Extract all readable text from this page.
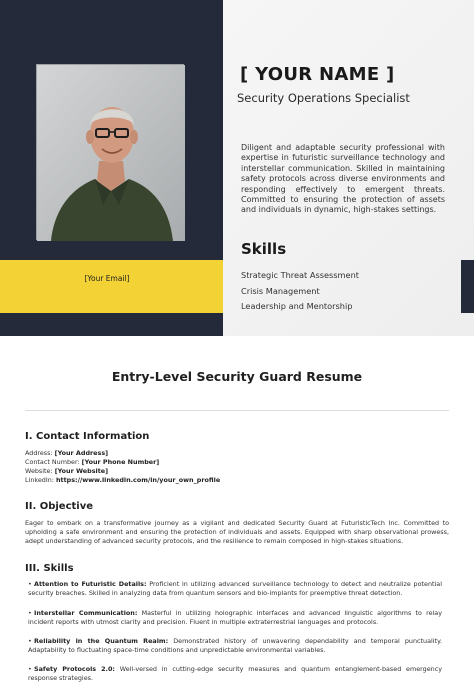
[Your Email]
[ YOUR NAME ]
Security Operations Specialist

Diligent and adaptable security professional with expertise in futuristic surveillance technology and interstellar communication. Skilled in maintaining safety protocols across diverse environments and responding effectively to emergent threats. Committed to ensuring the protection of assets and individuals in dynamic, high-stakes settings.

Skills
Strategic Threat Assessment
Crisis Management
Leadership and Mentorship
Entry-Level Security Guard Resume
I. Contact Information
Address: [Your Address]
Contact Number: [Your Phone Number]
Website: [Your Website]
LinkedIn: https://www.linkedin.com/in/your_own_profile
II. Objective

Eager to embark on a transformative journey as a vigilant and dedicated Security Guard at FuturisticTech Inc. Committed to upholding a safe environment and ensuring the protection of individuals and assets. Equipped with sharp observational prowess, adept understanding of advanced security protocols, and the resilience to remain composed in high-stakes situations.

III. Skills
• Attention to Futuristic Details: Proficient in utilizing advanced surveillance technology to detect and neutralize potential security breaches. Skilled in analyzing data from quantum sensors and bio-implants for preemptive threat detection.
• Interstellar Communication: Masterful in utilizing holographic interfaces and advanced linguistic algorithms to relay incident reports with utmost clarity and precision. Fluent in multiple extraterrestrial languages and protocols.
• Reliability in the Quantum Realm: Demonstrated history of unwavering dependability and temporal punctuality. Adaptability to fluctuating space-time conditions and unpredictable environmental variables.
• Safety Protocols 2.0: Well-versed in cutting-edge security measures and quantum entanglement-based emergency response strategies.
